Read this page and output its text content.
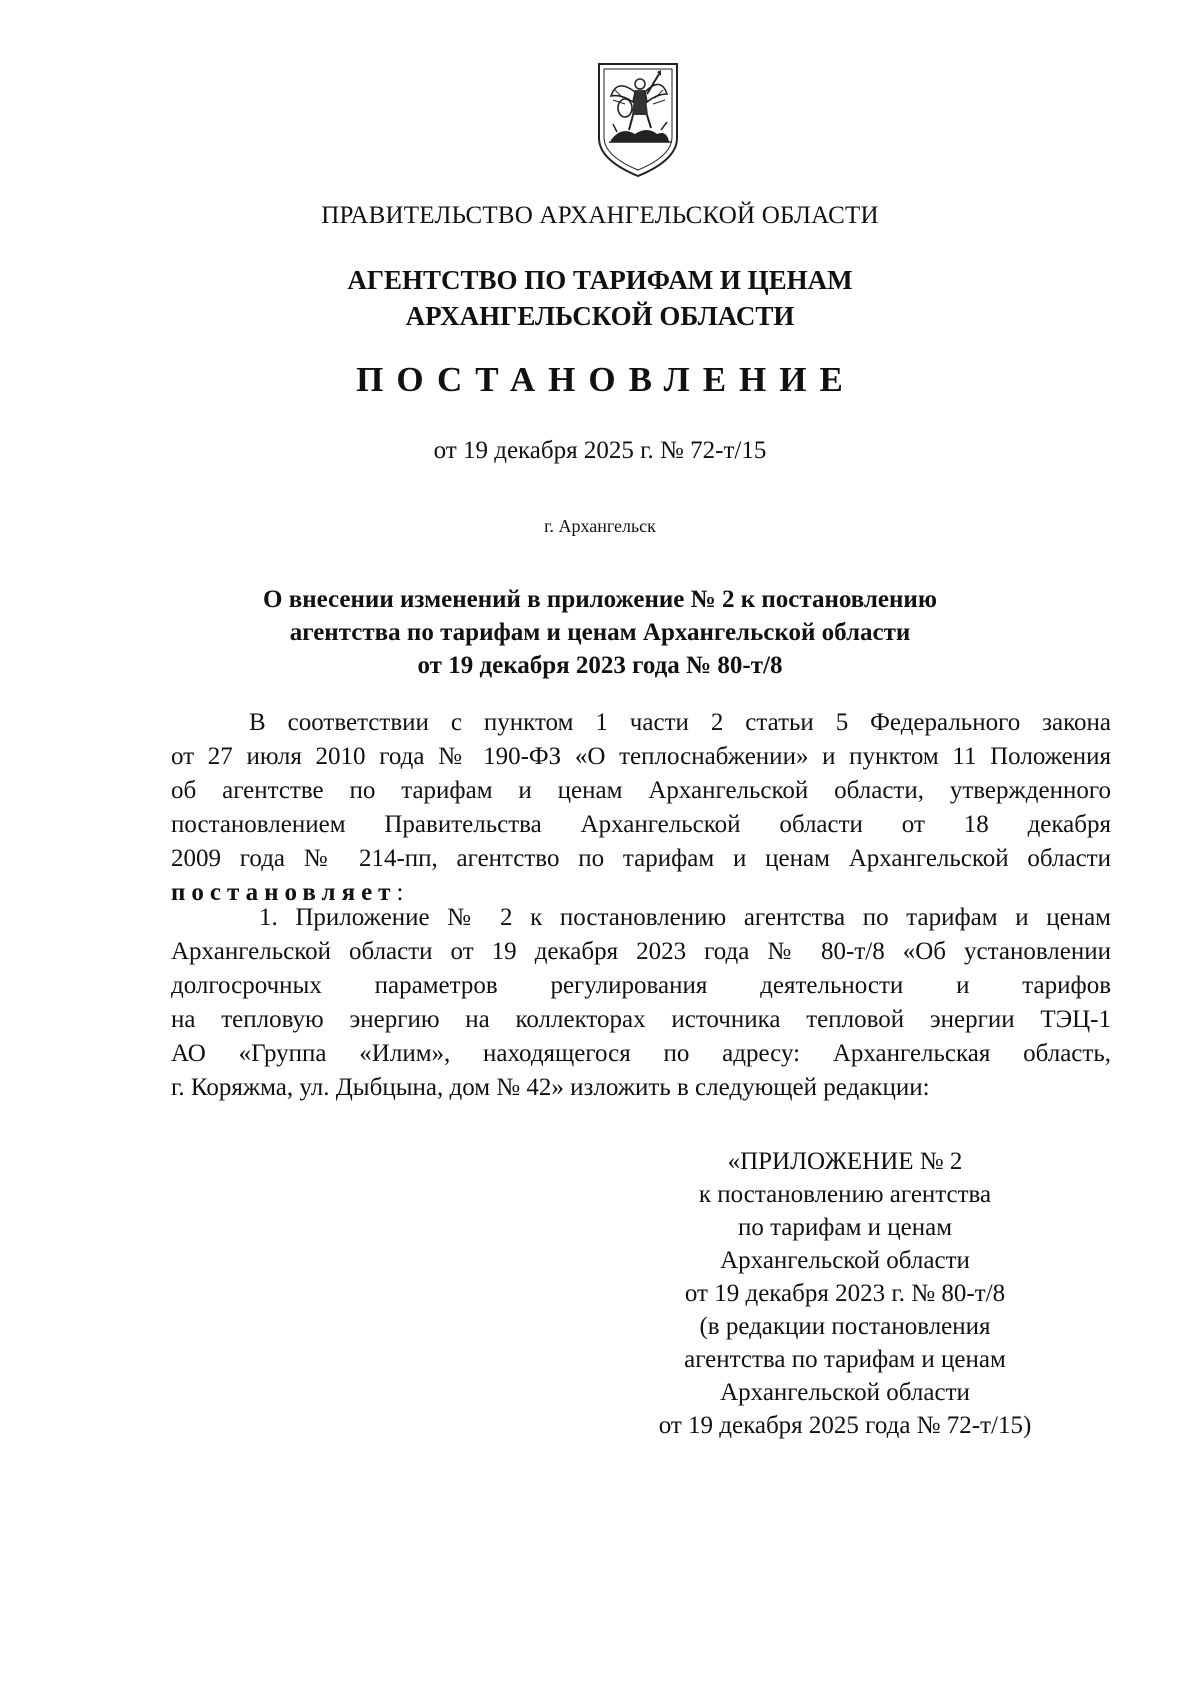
ПРАВИТЕЛЬСТВО АРХАНГЕЛЬСКОЙ ОБЛАСТИ
АГЕНТСТВО ПО ТАРИФАМ И ЦЕНАМ
АРХАНГЕЛЬСКОЙ ОБЛАСТИ
ПОСТАНОВЛЕНИЕ
от 19 декабря 2025 г. № 72-т/15
г. Архангельск
О внесении изменений в приложение № 2 к постановлению
агентства по тарифам и ценам Архангельской области
от 19 декабря 2023 года № 80-т/8
В соответствии с пунктом 1 части 2 статьи 5 Федерального закона
от 27 июля 2010 года № 190-ФЗ «О теплоснабжении» и пунктом 11 Положения
об агентстве по тарифам и ценам Архангельской области, утвержденного
постановлением Правительства Архангельской области от 18 декабря
2009 года № 214-пп, агентство по тарифам и ценам Архангельской области
постановляет:
1. Приложение № 2 к постановлению агентства по тарифам и ценам
Архангельской области от 19 декабря 2023 года № 80-т/8 «Об установлении
долгосрочных параметров регулирования деятельности и тарифов
на тепловую энергию на коллекторах источника тепловой энергии ТЭЦ-1
АО «Группа «Илим», находящегося по адресу: Архангельская область,
г. Коряжма, ул. Дыбцына, дом № 42» изложить в следующей редакции:
«ПРИЛОЖЕНИЕ № 2
к постановлению агентства
по тарифам и ценам
Архангельской области
от 19 декабря 2023 г. № 80-т/8
(в редакции постановления
агентства по тарифам и ценам
Архангельской области
от 19 декабря 2025 года № 72-т/15)
